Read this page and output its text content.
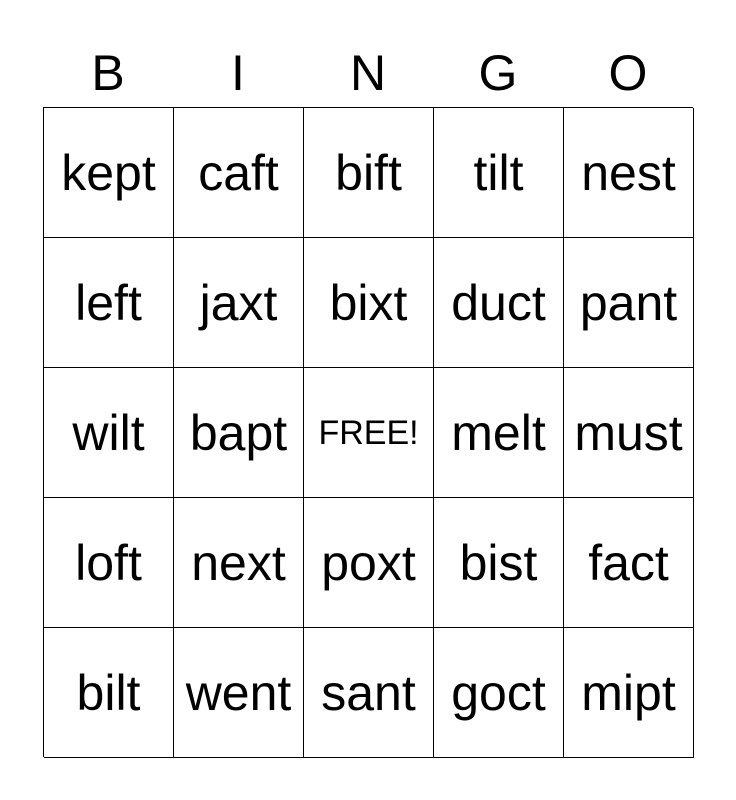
B	I	N	G	O
kept caft	bift	tilt	nest
left	jaxt	bixt duct pant
wilt bapt FREE! melt must
loft next poxt bist	fact
bilt went sant goct mipt
